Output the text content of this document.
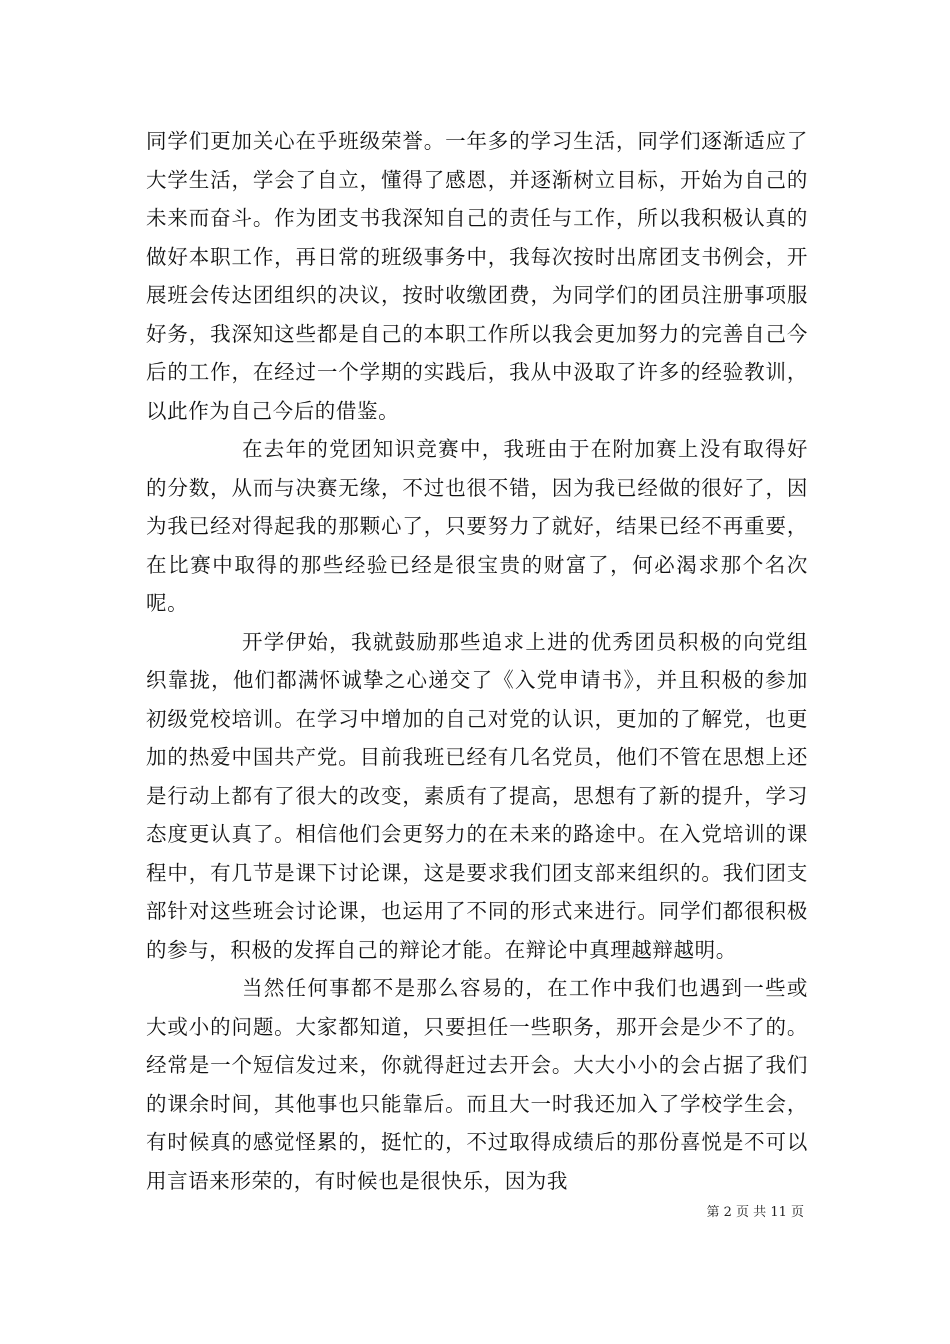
同学们更加关心在乎班级荣誉。一年多的学习生活，同学们逐渐适应了大学生活，学会了自立，懂得了感恩，并逐渐树立目标，开始为自己的未来而奋斗。作为团支书我深知自己的责任与工作，所以我积极认真的做好本职工作，再日常的班级事务中，我每次按时出席团支书例会，开展班会传达团组织的决议，按时收缴团费，为同学们的团员注册事项服好务，我深知这些都是自己的本职工作所以我会更加努力的完善自己今后的工作，在经过一个学期的实践后，我从中汲取了许多的经验教训，以此作为自己今后的借鉴。

在去年的党团知识竞赛中，我班由于在附加赛上没有取得好的分数，从而与决赛无缘，不过也很不错，因为我已经做的很好了，因为我已经对得起我的那颗心了，只要努力了就好，结果已经不再重要，在比赛中取得的那些经验已经是很宝贵的财富了，何必渴求那个名次呢。

开学伊始，我就鼓励那些追求上进的优秀团员积极的向党组织靠拢，他们都满怀诚挚之心递交了《入党申请书》，并且积极的参加初级党校培训。在学习中增加的自己对党的认识，更加的了解党，也更加的热爱中国共产党。目前我班已经有几名党员，他们不管在思想上还是行动上都有了很大的改变，素质有了提高，思想有了新的提升，学习态度更认真了。相信他们会更努力的在未来的路途中。在入党培训的课程中，有几节是课下讨论课，这是要求我们团支部来组织的。我们团支部针对这些班会讨论课，也运用了不同的形式来进行。同学们都很积极的参与，积极的发挥自己的辩论才能。在辩论中真理越辩越明。

当然任何事都不是那么容易的，在工作中我们也遇到一些或大或小的问题。大家都知道，只要担任一些职务，那开会是少不了的。经常是一个短信发过来，你就得赶过去开会。大大小小的会占据了我们的课余时间，其他事也只能靠后。而且大一时我还加入了学校学生会，有时候真的感觉怪累的，挺忙的，不过取得成绩后的那份喜悦是不可以用言语来形荣的，有时候也是很快乐，因为我

第 2 页 共 11 页
